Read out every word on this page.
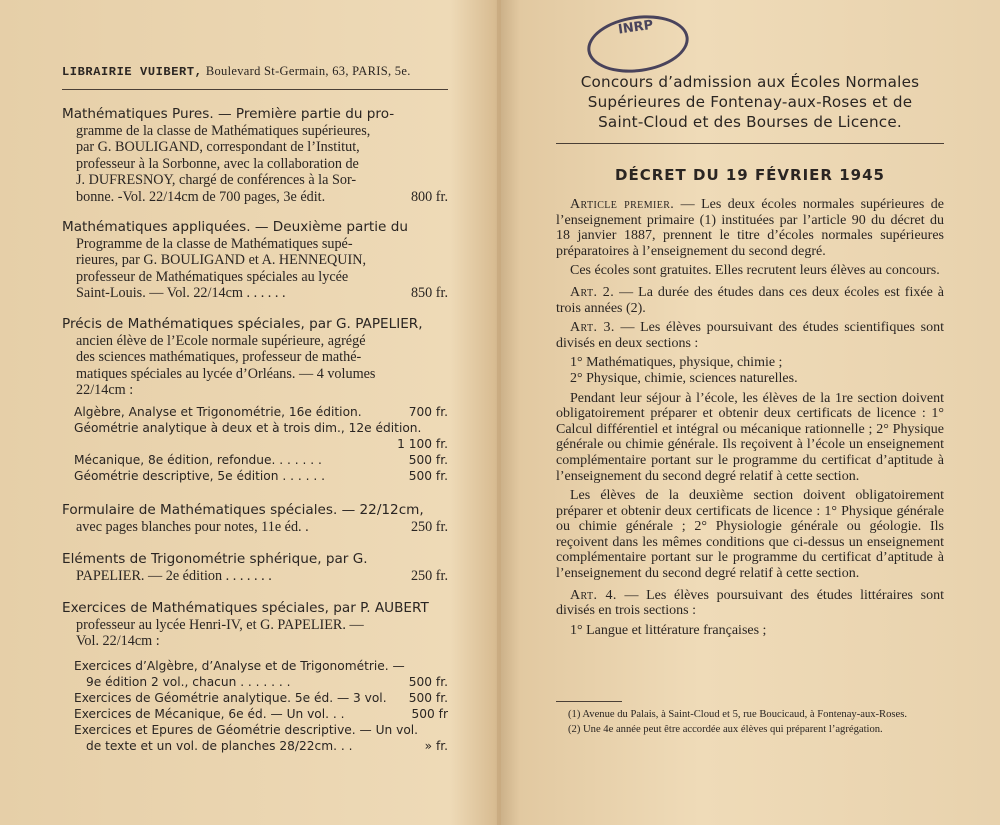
LIBRAIRIE VUIBERT, Boulevard St-Germain, 63, PARIS, 5e.
Mathématiques Pures. — Première partie du pro-
gramme de la classe de Mathématiques supérieures,
par G. BOULIGAND, correspondant de l’Institut,
professeur à la Sorbonne, avec la collaboration de
J. DUFRESNOY, chargé de conférences à la Sor-
bonne. -Vol. 22/14cm de 700 pages, 3e édit.	800 fr.
Mathématiques appliquées. — Deuxième partie du
Programme de la classe de Mathématiques supé-
rieures, par G. BOULIGAND et A. HENNEQUIN,
professeur de Mathématiques spéciales au lycée
Saint-Louis. — Vol. 22/14cm . . . . . .	850 fr.
Précis de Mathématiques spéciales, par G. PAPELIER,
ancien élève de l’Ecole normale supérieure, agrégé
des sciences mathématiques, professeur de mathé-
matiques spéciales au lycée d’Orléans. — 4 volumes
22/14cm :
Algèbre, Analyse et Trigonométrie, 16e édition.	700 fr.
Géométrie analytique à deux et à trois dim., 12e édition.
1 100 fr.
Mécanique, 8e édition, refondue. . . . . . .	500 fr.
Géométrie descriptive, 5e édition . . . . . .	500 fr.
Formulaire de Mathématiques spéciales. — 22/12cm,
avec pages blanches pour notes, 11e éd. .	250 fr.
Eléments de Trigonométrie sphérique, par G.
PAPELIER. — 2e édition . . . . . . .	250 fr.
Exercices de Mathématiques spéciales, par P. AUBERT
professeur au lycée Henri-IV, et G. PAPELIER. —
Vol. 22/14cm :
Exercices d’Algèbre, d’Analyse et de Trigonométrie. —
9e édition 2 vol., chacun . . . . . . .	500 fr.
Exercices de Géométrie analytique. 5e éd. — 3 vol. 500 fr.
Exercices de Mécanique, 6e éd. — Un vol. . .	500 fr
Exercices et Epures de Géométrie descriptive. — Un vol.
de texte et un vol. de planches 28/22cm. . .	» fr.
INRP
Concours d’admission aux Écoles Normales
Supérieures de Fontenay-aux-Roses et de
Saint-Cloud et des Bourses de Licence.
DÉCRET DU 19 FÉVRIER 1945

Article premier. — Les deux écoles normales supérieures de l’enseignement primaire (1) instituées par l’article 90 du décret du 18 janvier 1887, prennent le titre d’écoles normales supérieures préparatoires à l’enseignement du second degré.

Ces écoles sont gratuites. Elles recrutent leurs élèves au concours.

Art. 2. — La durée des études dans ces deux écoles est fixée à trois années (2).

Art. 3. — Les élèves poursuivant des études scientifiques sont divisés en deux sections :

1° Mathématiques, physique, chimie ;

2° Physique, chimie, sciences naturelles.

Pendant leur séjour à l’école, les élèves de la 1re section doivent obligatoirement préparer et obtenir deux certificats de licence : 1° Calcul différentiel et intégral ou mécanique rationnelle ; 2° Physique générale ou chimie générale. Ils reçoivent à l’école un enseignement complémentaire portant sur le programme du certificat d’aptitude à l’enseignement du second degré relatif à cette section.

Les élèves de la deuxième section doivent obligatoirement préparer et obtenir deux certificats de licence : 1° Physique générale ou chimie générale ; 2° Physiologie générale ou géologie. Ils reçoivent dans les mêmes conditions que ci-dessus un enseignement complémentaire portant sur le programme du certificat d’aptitude à l’enseignement du second degré relatif à cette section.

Art. 4. — Les élèves poursuivant des études littéraires sont divisés en trois sections :

1° Langue et littérature françaises ;

(1) Avenue du Palais, à Saint-Cloud et 5, rue Boucicaud, à Fontenay-aux-Roses.
(2) Une 4e année peut être accordée aux élèves qui préparent l’agrégation.
